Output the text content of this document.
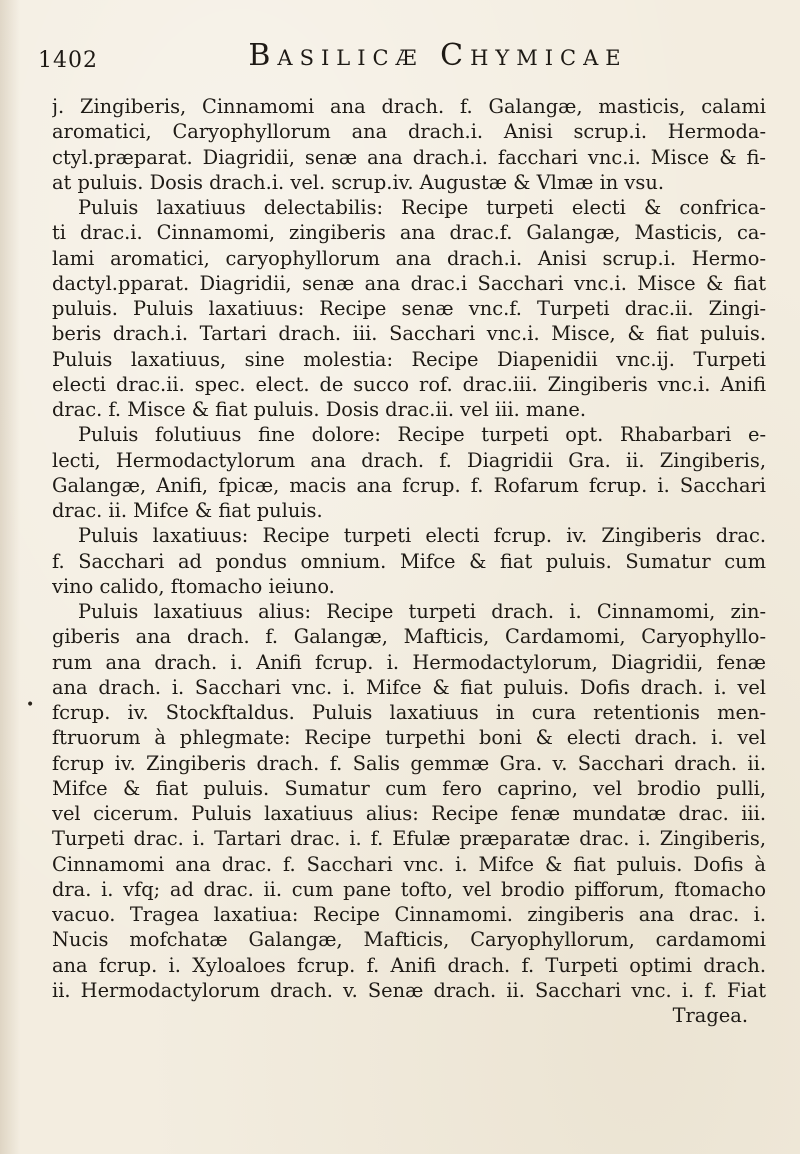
1402	Basilicæ Chymicae
•
j. Zingiberis, Cinnamomi ana drach. f. Galangæ, masticis, calami
aromatici, Caryophyllorum ana drach.i. Anisi scrup.i. Hermoda-
ctyl.præparat. Diagridii, senæ ana drach.i. facchari vnc.i. Misce & fi-
at puluis. Dosis drach.i. vel. scrup.iv. Augustæ & Vlmæ in vsu.
Puluis laxatiuus delectabilis: Recipe turpeti electi & confrica-
ti drac.i. Cinnamomi, zingiberis ana drac.f. Galangæ, Masticis, ca-
lami aromatici, caryophyllorum ana drach.i. Anisi scrup.i. Hermo-
dactyl.pparat. Diagridii, senæ ana drac.i Sacchari vnc.i. Misce & fiat
puluis. Puluis laxatiuus: Recipe senæ vnc.f. Turpeti drac.ii. Zingi-
beris drach.i. Tartari drach. iii. Sacchari vnc.i. Misce, & fiat puluis.
Puluis laxatiuus, sine molestia: Recipe Diapenidii vnc.ij. Turpeti
electi drac.ii. spec. elect. de succo rof. drac.iii. Zingiberis vnc.i. Anifi
drac. f. Misce & fiat puluis. Dosis drac.ii. vel iii. mane.
Puluis folutiuus fine dolore: Recipe turpeti opt. Rhabarbari e-
lecti, Hermodactylorum ana drach. f. Diagridii Gra. ii. Zingiberis,
Galangæ, Anifi, fpicæ, macis ana fcrup. f. Rofarum fcrup. i. Sacchari
drac. ii. Mifce & fiat puluis.
Puluis laxatiuus: Recipe turpeti electi fcrup. iv. Zingiberis drac.
f. Sacchari ad pondus omnium. Mifce & fiat puluis. Sumatur cum
vino calido, ftomacho ieiuno.
Puluis laxatiuus alius: Recipe turpeti drach. i. Cinnamomi, zin-
giberis ana drach. f. Galangæ, Mafticis, Cardamomi, Caryophyllo-
rum ana drach. i. Anifi fcrup. i. Hermodactylorum, Diagridii, fenæ
ana drach. i. Sacchari vnc. i. Mifce & fiat puluis. Dofis drach. i. vel
fcrup. iv. Stockftaldus. Puluis laxatiuus in cura retentionis men-
ftruorum à phlegmate: Recipe turpethi boni & electi drach. i. vel
fcrup iv. Zingiberis drach. f. Salis gemmæ Gra. v. Sacchari drach. ii.
Mifce & fiat puluis. Sumatur cum fero caprino, vel brodio pulli,
vel cicerum. Puluis laxatiuus alius: Recipe fenæ mundatæ drac. iii.
Turpeti drac. i. Tartari drac. i. f. Efulæ præparatæ drac. i. Zingiberis,
Cinnamomi ana drac. f. Sacchari vnc. i. Mifce & fiat puluis. Dofis à
dra. i. vfq; ad drac. ii. cum pane tofto, vel brodio pifforum, ftomacho
vacuo. Tragea laxatiua: Recipe Cinnamomi. zingiberis ana drac. i.
Nucis mofchatæ Galangæ, Mafticis, Caryophyllorum, cardamomi
ana fcrup. i. Xyloaloes fcrup. f. Anifi drach. f. Turpeti optimi drach.
ii. Hermodactylorum drach. v. Senæ drach. ii. Sacchari vnc. i. f. Fiat
Tragea.
